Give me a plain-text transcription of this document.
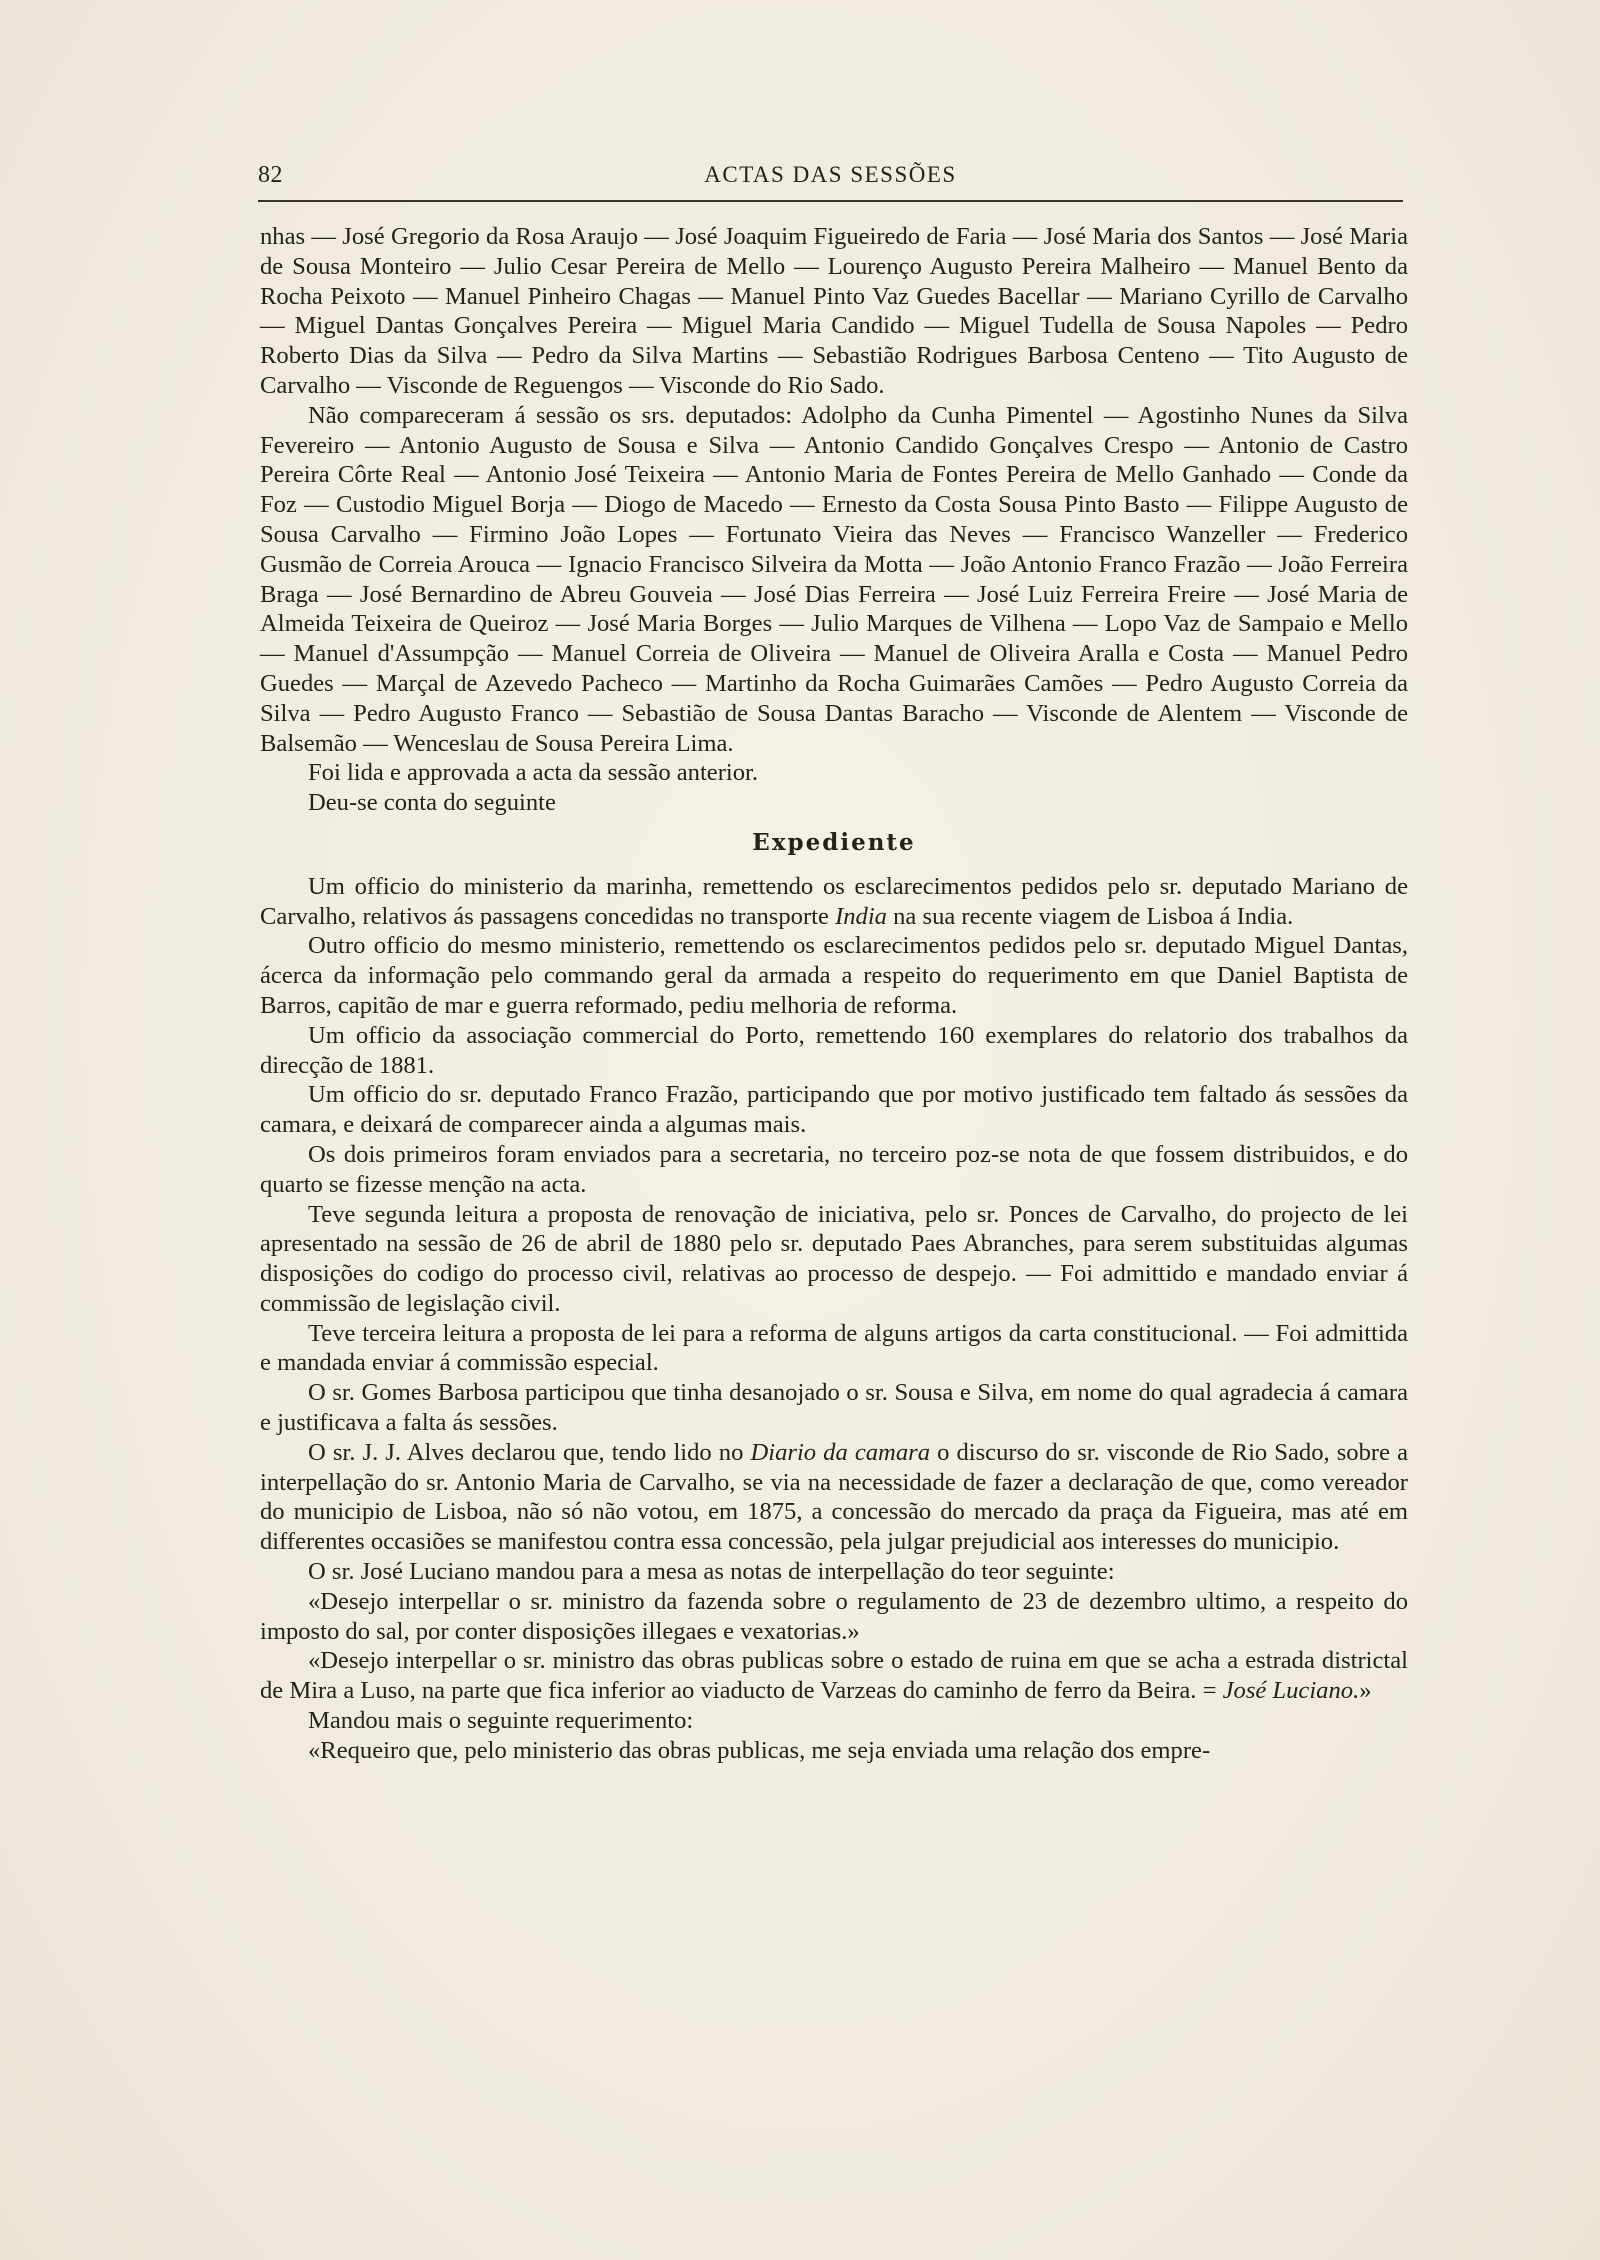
82	ACTAS DAS SESSÕES

nhas — José Gregorio da Rosa Araujo — José Joaquim Figueiredo de Faria — José Maria dos Santos — José Maria de Sousa Monteiro — Julio Cesar Pereira de Mello — Lourenço Augusto Pereira Malheiro — Manuel Bento da Rocha Peixoto — Manuel Pinheiro Chagas — Manuel Pinto Vaz Guedes Bacellar — Mariano Cyrillo de Carvalho — Miguel Dantas Gonçalves Pereira — Miguel Maria Candido — Miguel Tudella de Sousa Napoles — Pedro Roberto Dias da Silva — Pedro da Silva Martins — Sebastião Rodrigues Barbosa Centeno — Tito Augusto de Carvalho — Visconde de Reguengos — Visconde do Rio Sado.

Não compareceram á sessão os srs. deputados: Adolpho da Cunha Pimentel — Agostinho Nunes da Silva Fevereiro — Antonio Augusto de Sousa e Silva — Antonio Candido Gonçalves Crespo — Antonio de Castro Pereira Côrte Real — Antonio José Teixeira — Antonio Maria de Fontes Pereira de Mello Ganhado — Conde da Foz — Custodio Miguel Borja — Diogo de Macedo — Ernesto da Costa Sousa Pinto Basto — Filippe Augusto de Sousa Carvalho — Firmino João Lopes — Fortunato Vieira das Neves — Francisco Wanzeller — Frederico Gusmão de Correia Arouca — Ignacio Francisco Silveira da Motta — João Antonio Franco Frazão — João Ferreira Braga — José Bernardino de Abreu Gouveia — José Dias Ferreira — José Luiz Ferreira Freire — José Maria de Almeida Teixeira de Queiroz — José Maria Borges — Julio Marques de Vilhena — Lopo Vaz de Sampaio e Mello — Manuel d'Assumpção — Manuel Correia de Oliveira — Manuel de Oliveira Aralla e Costa — Manuel Pedro Guedes — Marçal de Azevedo Pacheco — Martinho da Rocha Guimarães Camões — Pedro Augusto Correia da Silva — Pedro Augusto Franco — Sebastião de Sousa Dantas Baracho — Visconde de Alentem — Visconde de Balsemão — Wenceslau de Sousa Pereira Lima.

Foi lida e approvada a acta da sessão anterior.

Deu-se conta do seguinte

Expediente

Um officio do ministerio da marinha, remettendo os esclarecimentos pedidos pelo sr. deputado Mariano de Carvalho, relativos ás passagens concedidas no transporte India na sua recente viagem de Lisboa á India.

Outro officio do mesmo ministerio, remettendo os esclarecimentos pedidos pelo sr. deputado Miguel Dantas, ácerca da informação pelo commando geral da armada a respeito do requerimento em que Daniel Baptista de Barros, capitão de mar e guerra reformado, pediu melhoria de reforma.

Um officio da associação commercial do Porto, remettendo 160 exemplares do relatorio dos trabalhos da direcção de 1881.

Um officio do sr. deputado Franco Frazão, participando que por motivo justificado tem faltado ás sessões da camara, e deixará de comparecer ainda a algumas mais.

Os dois primeiros foram enviados para a secretaria, no terceiro poz-se nota de que fossem distribuidos, e do quarto se fizesse menção na acta.

Teve segunda leitura a proposta de renovação de iniciativa, pelo sr. Ponces de Carvalho, do projecto de lei apresentado na sessão de 26 de abril de 1880 pelo sr. deputado Paes Abranches, para serem substituidas algumas disposições do codigo do processo civil, relativas ao processo de despejo. — Foi admittido e mandado enviar á commissão de legislação civil.

Teve terceira leitura a proposta de lei para a reforma de alguns artigos da carta constitucional. — Foi admittida e mandada enviar á commissão especial.

O sr. Gomes Barbosa participou que tinha desanojado o sr. Sousa e Silva, em nome do qual agradecia á camara e justificava a falta ás sessões.

O sr. J. J. Alves declarou que, tendo lido no Diario da camara o discurso do sr. visconde de Rio Sado, sobre a interpellação do sr. Antonio Maria de Carvalho, se via na necessidade de fazer a declaração de que, como vereador do municipio de Lisboa, não só não votou, em 1875, a concessão do mercado da praça da Figueira, mas até em differentes occasiões se manifestou contra essa concessão, pela julgar prejudicial aos interesses do municipio.

O sr. José Luciano mandou para a mesa as notas de interpellação do teor seguinte:

«Desejo interpellar o sr. ministro da fazenda sobre o regulamento de 23 de dezembro ultimo, a respeito do imposto do sal, por conter disposições illegaes e vexatorias.»

«Desejo interpellar o sr. ministro das obras publicas sobre o estado de ruina em que se acha a estrada districtal de Mira a Luso, na parte que fica inferior ao viaducto de Varzeas do caminho de ferro da Beira. = José Luciano.»

Mandou mais o seguinte requerimento:

«Requeiro que, pelo ministerio das obras publicas, me seja enviada uma relação dos empre-
